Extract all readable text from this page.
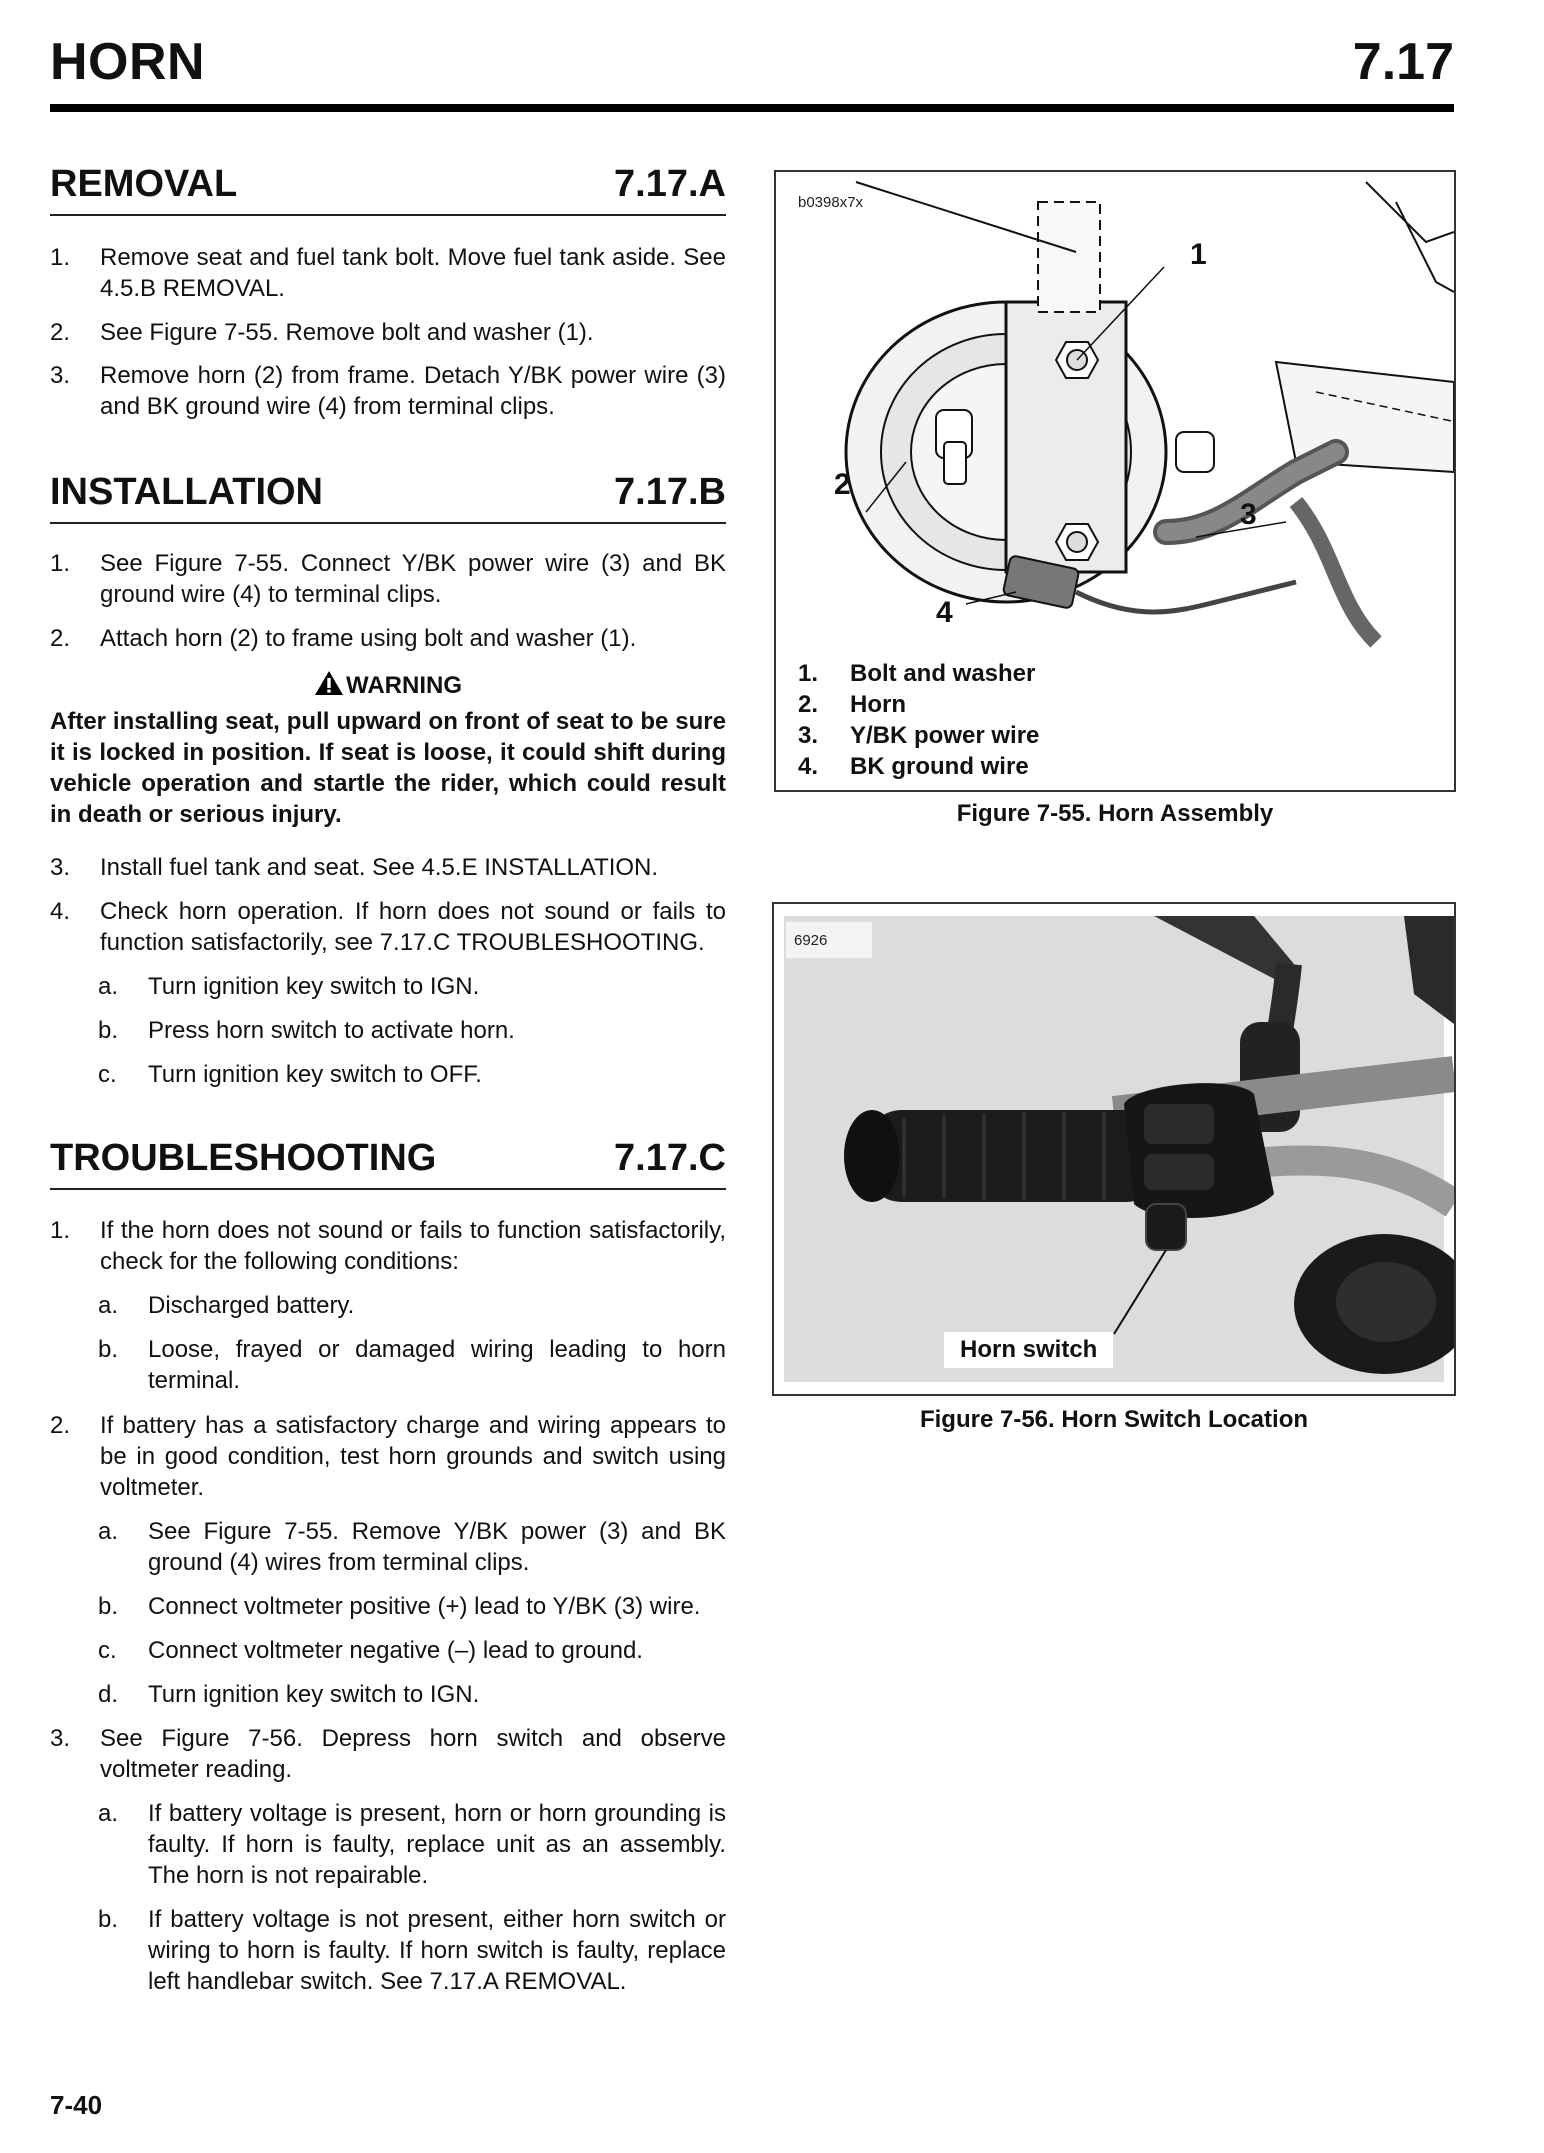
HORN	7.17
REMOVAL	7.17.A
1. Remove seat and fuel tank bolt. Move fuel tank aside. See 4.5.B REMOVAL.
2. See Figure 7-55. Remove bolt and washer (1).
3. Remove horn (2) from frame. Detach Y/BK power wire (3) and BK ground wire (4) from terminal clips.
INSTALLATION	7.17.B
1. See Figure 7-55. Connect Y/BK power wire (3) and BK ground wire (4) to terminal clips.
2. Attach horn (2) to frame using bolt and washer (1).
WARNING
After installing seat, pull upward on front of seat to be sure it is locked in position. If seat is loose, it could shift during vehicle operation and startle the rider, which could result in death or serious injury.
3. Install fuel tank and seat. See 4.5.E INSTALLATION.
4. Check horn operation. If horn does not sound or fails to function satisfactorily, see 7.17.C TROUBLESHOOTING.
a. Turn ignition key switch to IGN.
b. Press horn switch to activate horn.
c. Turn ignition key switch to OFF.
TROUBLESHOOTING	7.17.C
1. If the horn does not sound or fails to function satisfactorily, check for the following conditions:
a. Discharged battery.
b. Loose, frayed or damaged wiring leading to horn terminal.
2. If battery has a satisfactory charge and wiring appears to be in good condition, test horn grounds and switch using voltmeter.
a. See Figure 7-55. Remove Y/BK power (3) and BK ground (4) wires from terminal clips.
b. Connect voltmeter positive (+) lead to Y/BK (3) wire.
c. Connect voltmeter negative (–) lead to ground.
d. Turn ignition key switch to IGN.
3. See Figure 7-56. Depress horn switch and observe voltmeter reading.
a. If battery voltage is present, horn or horn grounding is faulty. If horn is faulty, replace unit as an assembly. The horn is not repairable.
b. If battery voltage is not present, either horn switch or wiring to horn is faulty. If horn switch is faulty, replace left handlebar switch. See 7.17.A REMOVAL.
b0398x7x
1
2
3
4
1. Bolt and washer
2. Horn
3. Y/BK power wire
4. BK ground wire
Figure 7-55. Horn Assembly
6926
Horn switch
Figure 7-56. Horn Switch Location
7-40
